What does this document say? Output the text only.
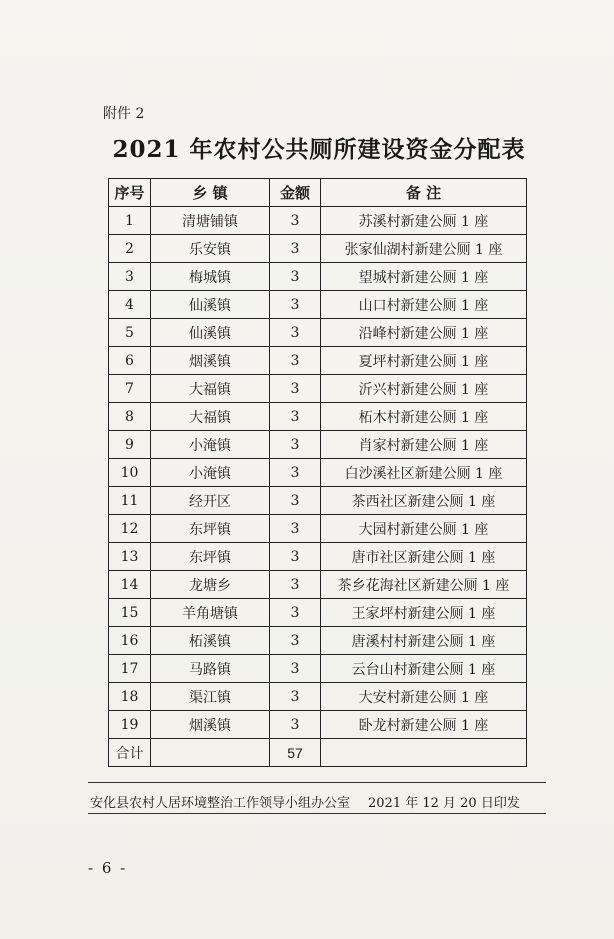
附件 2
2021 年农村公共厕所建设资金分配表
序号	乡 镇	金额	备 注
1	清塘铺镇	3	苏溪村新建公厕 1 座
2	乐安镇	3	张家仙湖村新建公厕 1 座
3	梅城镇	3	望城村新建公厕 1 座
4	仙溪镇	3	山口村新建公厕 1 座
5	仙溪镇	3	沿峰村新建公厕 1 座
6	烟溪镇	3	夏坪村新建公厕 1 座
7	大福镇	3	沂兴村新建公厕 1 座
8	大福镇	3	柘木村新建公厕 1 座
9	小淹镇	3	肖家村新建公厕 1 座
10	小淹镇	3	白沙溪社区新建公厕 1 座
11	经开区	3	茶西社区新建公厕 1 座
12	东坪镇	3	大园村新建公厕 1 座
13	东坪镇	3	唐市社区新建公厕 1 座
14	龙塘乡	3	茶乡花海社区新建公厕 1 座
15	羊角塘镇	3	王家坪村新建公厕 1 座
16	柘溪镇	3	唐溪村村新建公厕 1 座
17	马路镇	3	云台山村新建公厕 1 座
18	渠江镇	3	大安村新建公厕 1 座
19	烟溪镇	3	卧龙村新建公厕 1 座
合计		57	
安化县农村人居环境整治工作领导小组办公室 2021 年 12 月 20 日印发
- 6 -
